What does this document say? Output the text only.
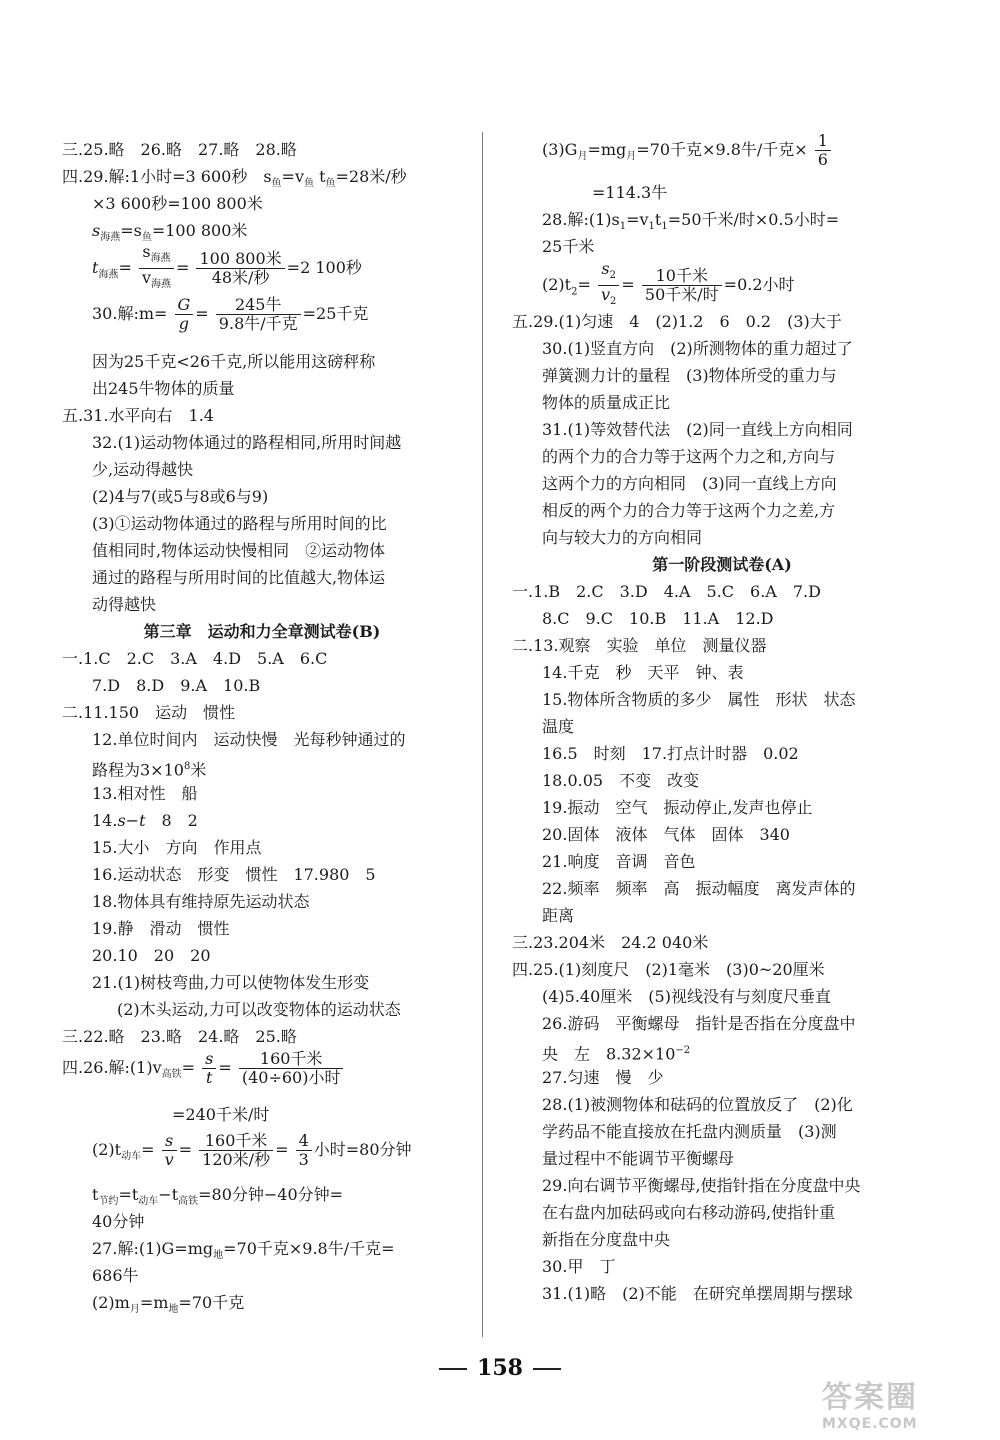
三.25.略　26.略　27.略　28.略
四.29.解:1小时=3 600秒　$s_鱼=v_鱼$ $t_鱼=28$米/秒
×3 600秒=100 800米
$s_{海燕}=s_鱼=100$ 800米
$t_{海燕}= \frac{s_{海燕}}{v_{海燕}} = \frac{\text{100 800米}}{\text{48米/秒}} =2$ 100秒
30.解:m= $\frac{G}{g} = \frac{\text{245牛}}{\text{9.8牛/千克}} =25$千克
因为25千克<26千克,所以能用这磅秤称
出245牛物体的质量
五.31.水平向右　1.4
32.(1)运动物体通过的路程相同,所用时间越
少,运动得越快
(2)4与7(或5与8或6与9)
(3)①运动物体通过的路程与所用时间的比
值相同时,物体运动快慢相同　②运动物体
通过的路程与所用时间的比值越大,物体运
动得越快
第三章　运动和力全章测试卷(B)
一.1.C　2.C　3.A　4.D　5.A　6.C
7.D　8.D　9.A　10.B
二.11.150　运动　惯性
12.单位时间内　运动快慢　光每秒钟通过的
路程为$3\times 10^8$米
13.相对性　船
14.s−t　8　2
15.大小　方向　作用点
16.运动状态　形变　惯性　17.980　5
18.物体具有维持原先运动状态
19.静　滑动　惯性
20.10　20　20
21.(1)树枝弯曲,力可以使物体发生形变
(2)木头运动,力可以改变物体的运动状态
三.22.略　23.略　24.略　25.略
四.26.解$:(1)v_{高铁}= \frac{s}{t} = \frac{\text{160千米}}{\text{(40÷60)小时}}$
=240千米/时
$(2)t_{动车}= \frac{s}{v} = \frac{\text{160千米}}{\text{120米/秒}} = \frac{4}{3}$ 小时=80分钟
$t_{节约}=t_{动车}-t_{高铁}=80$分钟−40分钟=
40分钟
27.解$:(1)G=mg_地=70$千克×9.8牛/千克=
686牛
$(2)m_月=m_地=70$千克
$(3)G_月=mg_月=70$千克×9.8牛/千克× $\frac{1}{6}$
=114.3牛
28.解$:(1)s_1=v_1t_1=50$千米/时×0.5小时=
25千米
$(2)t_2= \frac{s_2}{v_2} = \frac{\text{10千米}}{\text{50千米/时}} =0.2$小时
五.29.(1)匀速　4　(2)1.2　6　0.2　(3)大于
30.(1)竖直方向　(2)所测物体的重力超过了
弹簧测力计的量程　(3)物体所受的重力与
物体的质量成正比
31.(1)等效替代法　(2)同一直线上方向相同
的两个力的合力等于这两个力之和,方向与
这两个力的方向相同　(3)同一直线上方向
相反的两个力的合力等于这两个力之差,方
向与较大力的方向相同
第一阶段测试卷(A)
一.1.B　2.C　3.D　4.A　5.C　6.A　7.D
8.C　9.C　10.B　11.A　12.D
二.13.观察　实验　单位　测量仪器
14.千克　秒　天平　钟、表
15.物体所含物质的多少　属性　形状　状态
温度
16.5　时刻　17.打点计时器　0.02
18.0.05　不变　改变
19.振动　空气　振动停止,发声也停止
20.固体　液体　气体　固体　340
21.响度　音调　音色
22.频率　频率　高　振动幅度　离发声体的
距离
三.23.204米　24.2 040米
四.25.(1)刻度尺　(2)1毫米　(3)0~20厘米
(4)5.40厘米　(5)视线没有与刻度尺垂直
26.游码　平衡螺母　指针是否指在分度盘中
央　左　$8.32\times 10^{-2}$
27.匀速　慢　少
28.(1)被测物体和砝码的位置放反了　(2)化
学药品不能直接放在托盘内测质量　(3)测
量过程中不能调节平衡螺母
29.向右调节平衡螺母,使指针指在分度盘中央
在右盘内加砝码或向右移动游码,使指针重
新指在分度盘中央
30.甲　丁
31.(1)略　(2)不能　在研究单摆周期与摆球
158
答案圈
MXQE.COM
